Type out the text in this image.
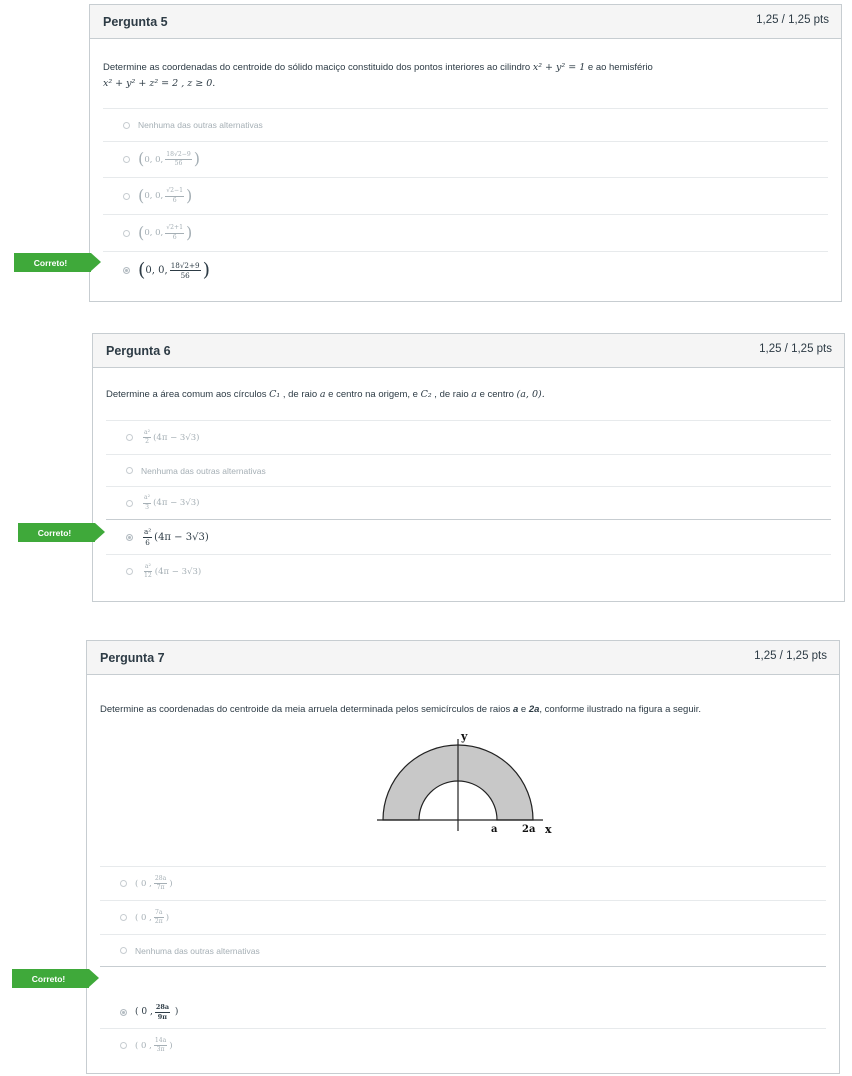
Pergunta 5	1,25 / 1,25 pts
Determine as coordenadas do centroide do sólido maciço constituido dos pontos interiores ao cilindro x² + y² = 1 e ao hemisfério
x² + y² + z² = 2 , z ≥ 0.
Nenhuma das outras alternativas
( 0, 0, $\frac{18√2-9}{56}$ )
( 0, 0, $\frac{√2-1}{6}$ )
( 0, 0, $\frac{√2+1}{6}$ )
( 0, 0, $\frac{18√2+9}{56}$ )
Correto!
Pergunta 6	1,25 / 1,25 pts
Determine a área comum aos círculos C₁ , de raio a e centro na origem, e C₂ , de raio a e centro (a, 0).
$\frac{\text{a²}}{2} (4\pi - 3√3)$
Nenhuma das outras alternativas
$\frac{\text{a²}}{3} (4\pi - 3√3)$
$\frac{\text{a²}}{6} (4\pi - 3√3)$
$\frac{\text{a²}}{12} (4\pi - 3√3)$
Correto!
Pergunta 7	1,25 / 1,25 pts
Determine as coordenadas do centroide da meia arruela determinada pelos semicírculos de raios a e 2a, conforme ilustrado na figura a seguir.
y
a 2a x
( 0 , $\frac{28a}{7\pi}$ )
( 0 , $\frac{7a}{2\pi}$ )
Nenhuma das outras alternativas
( 0 , $\frac{28a}{9\pi}$
)
( 0 , $\frac{14a}{3\pi}$ )
Correto!
